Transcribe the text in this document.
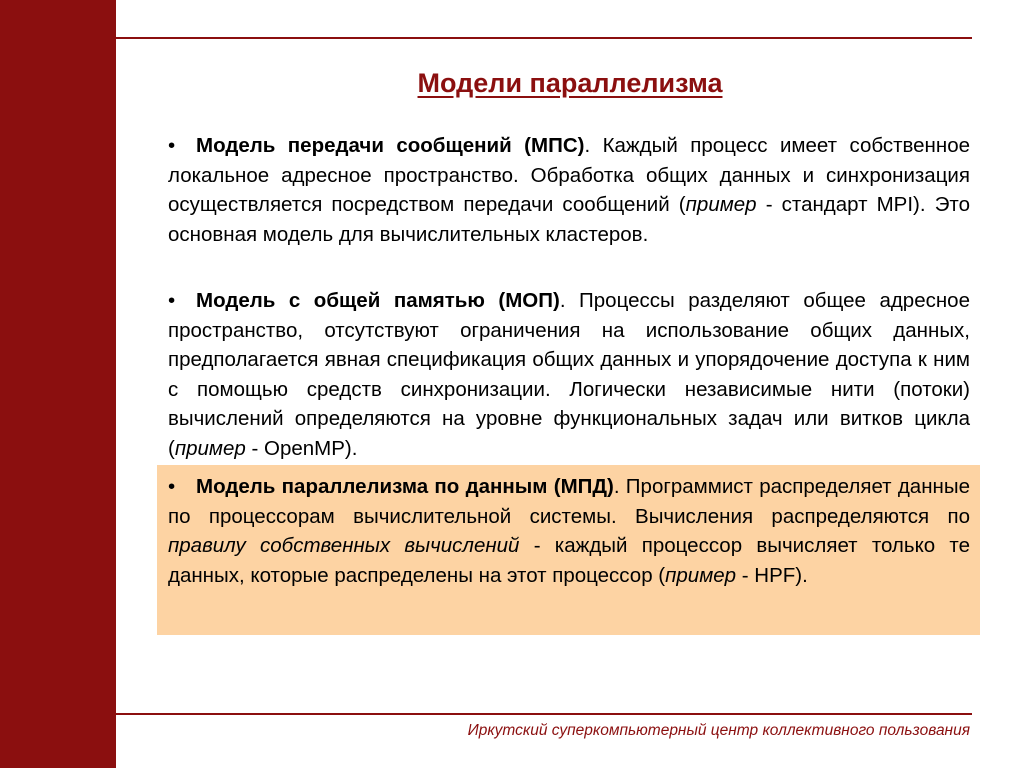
Модели параллелизма
• Модель передачи сообщений (МПС). Каждый процесс имеет собственное локальное адресное пространство. Обработка общих данных и синхронизация осуществляется посредством передачи сообщений (пример - стандарт MPI). Это основная модель для вычислительных кластеров.
• Модель с общей памятью (МОП). Процессы разделяют общее адресное пространство, отсутствуют ограничения на использование общих данных, предполагается явная спецификация общих данных и упорядочение доступа к ним с помощью средств синхронизации. Логически независимые нити (потоки) вычислений определяются на уровне функциональных задач или витков цикла (пример - OpenMP).
• Модель параллелизма по данным (МПД). Программист распределяет данные по процессорам вычислительной системы. Вычисления распределяются по правилу собственных вычислений - каждый процессор вычисляет только те данных, которые распределены на этот процессор (пример - HPF).
Иркутский суперкомпьютерный центр коллективного пользования
